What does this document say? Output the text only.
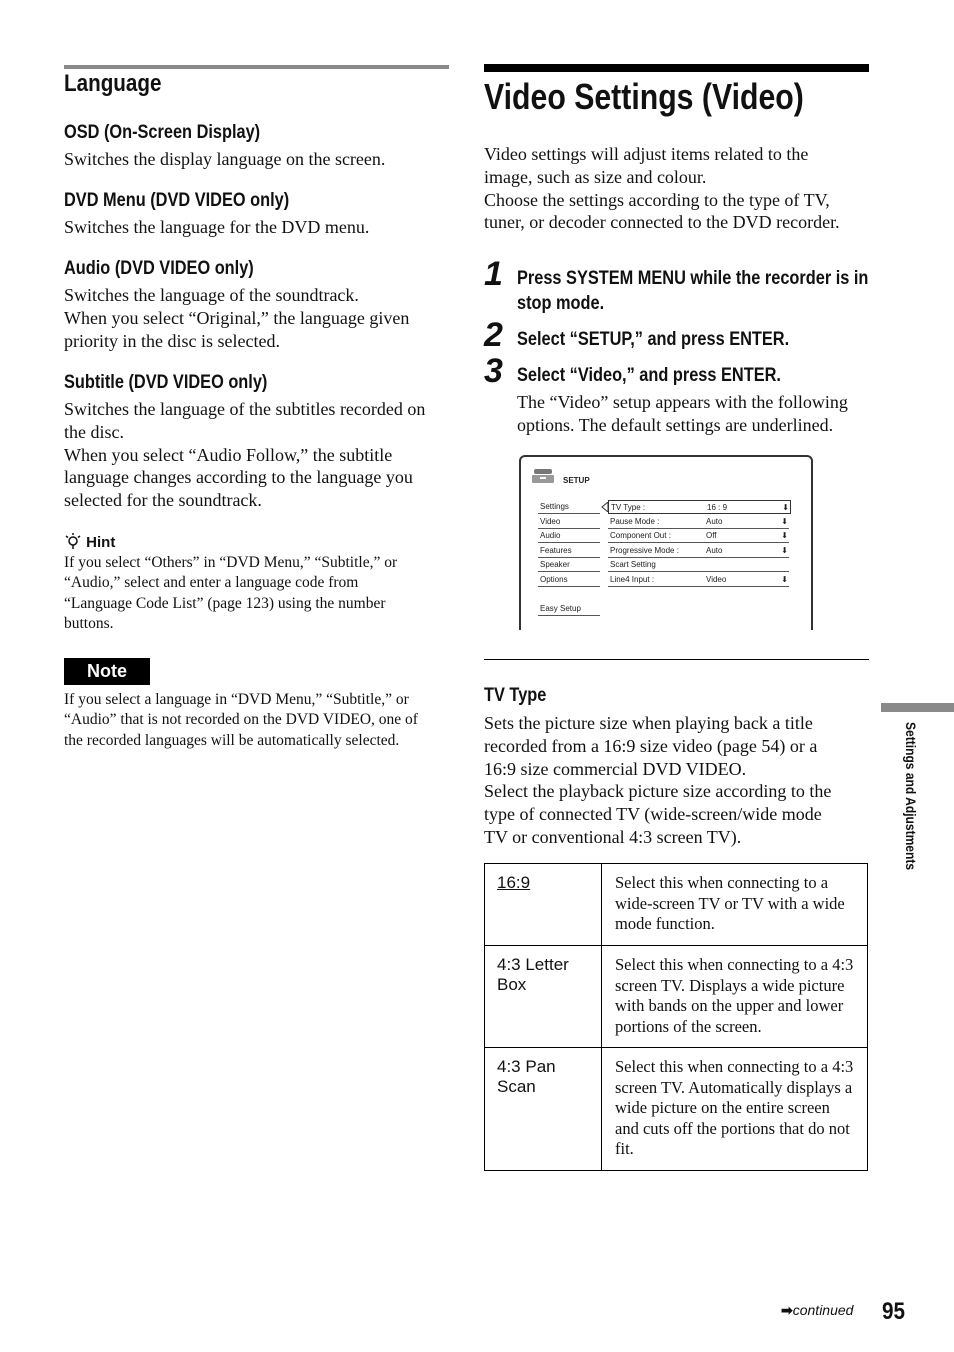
Language
OSD (On-Screen Display)
Switches the display language on the screen.
DVD Menu (DVD VIDEO only)
Switches the language for the DVD menu.
Audio (DVD VIDEO only)
Switches the language of the soundtrack.
When you select “Original,” the language given
priority in the disc is selected.
Subtitle (DVD VIDEO only)
Switches the language of the subtitles recorded on
the disc.
When you select “Audio Follow,” the subtitle
language changes according to the language you
selected for the soundtrack.
Hint
If you select “Others” in “DVD Menu,” “Subtitle,” or
“Audio,” select and enter a language code from
“Language Code List” (page 123) using the number
buttons.
Note
If you select a language in “DVD Menu,” “Subtitle,” or
“Audio” that is not recorded on the DVD VIDEO, one of
the recorded languages will be automatically selected.
Video Settings (Video)
Video settings will adjust items related to the
image, such as size and colour.
Choose the settings according to the type of TV,
tuner, or decoder connected to the DVD recorder.
1 Press SYSTEM MENU while the recorder is in stop mode.
2 Select “SETUP,” and press ENTER.
3 Select “Video,” and press ENTER.
The “Video” setup appears with the following
options. The default settings are underlined.
SETUP
Settings
Video
Audio
Features
Speaker
Options
Easy Setup
TV Type :	16 : 9	⬇
Pause Mode :	Auto	⬇
Component Out :	Off	⬇
Progressive Mode :	Auto	⬇
Scart Setting
Line4 Input :	Video	⬇
TV Type
Sets the picture size when playing back a title
recorded from a 16:9 size video (page 54) or a
16:9 size commercial DVD VIDEO.
Select the playback picture size according to the
type of connected TV (wide-screen/wide mode
TV or conventional 4:3 screen TV).
16:9	Select this when connecting to a wide-screen TV or TV with a wide mode function.
4:3 Letter Box	Select this when connecting to a 4:3 screen TV. Displays a wide picture with bands on the upper and lower portions of the screen.
4:3 Pan Scan	Select this when connecting to a 4:3 screen TV. Automatically displays a wide picture on the entire screen and cuts off the portions that do not fit.
Settings and Adjustments
➡continued 95
